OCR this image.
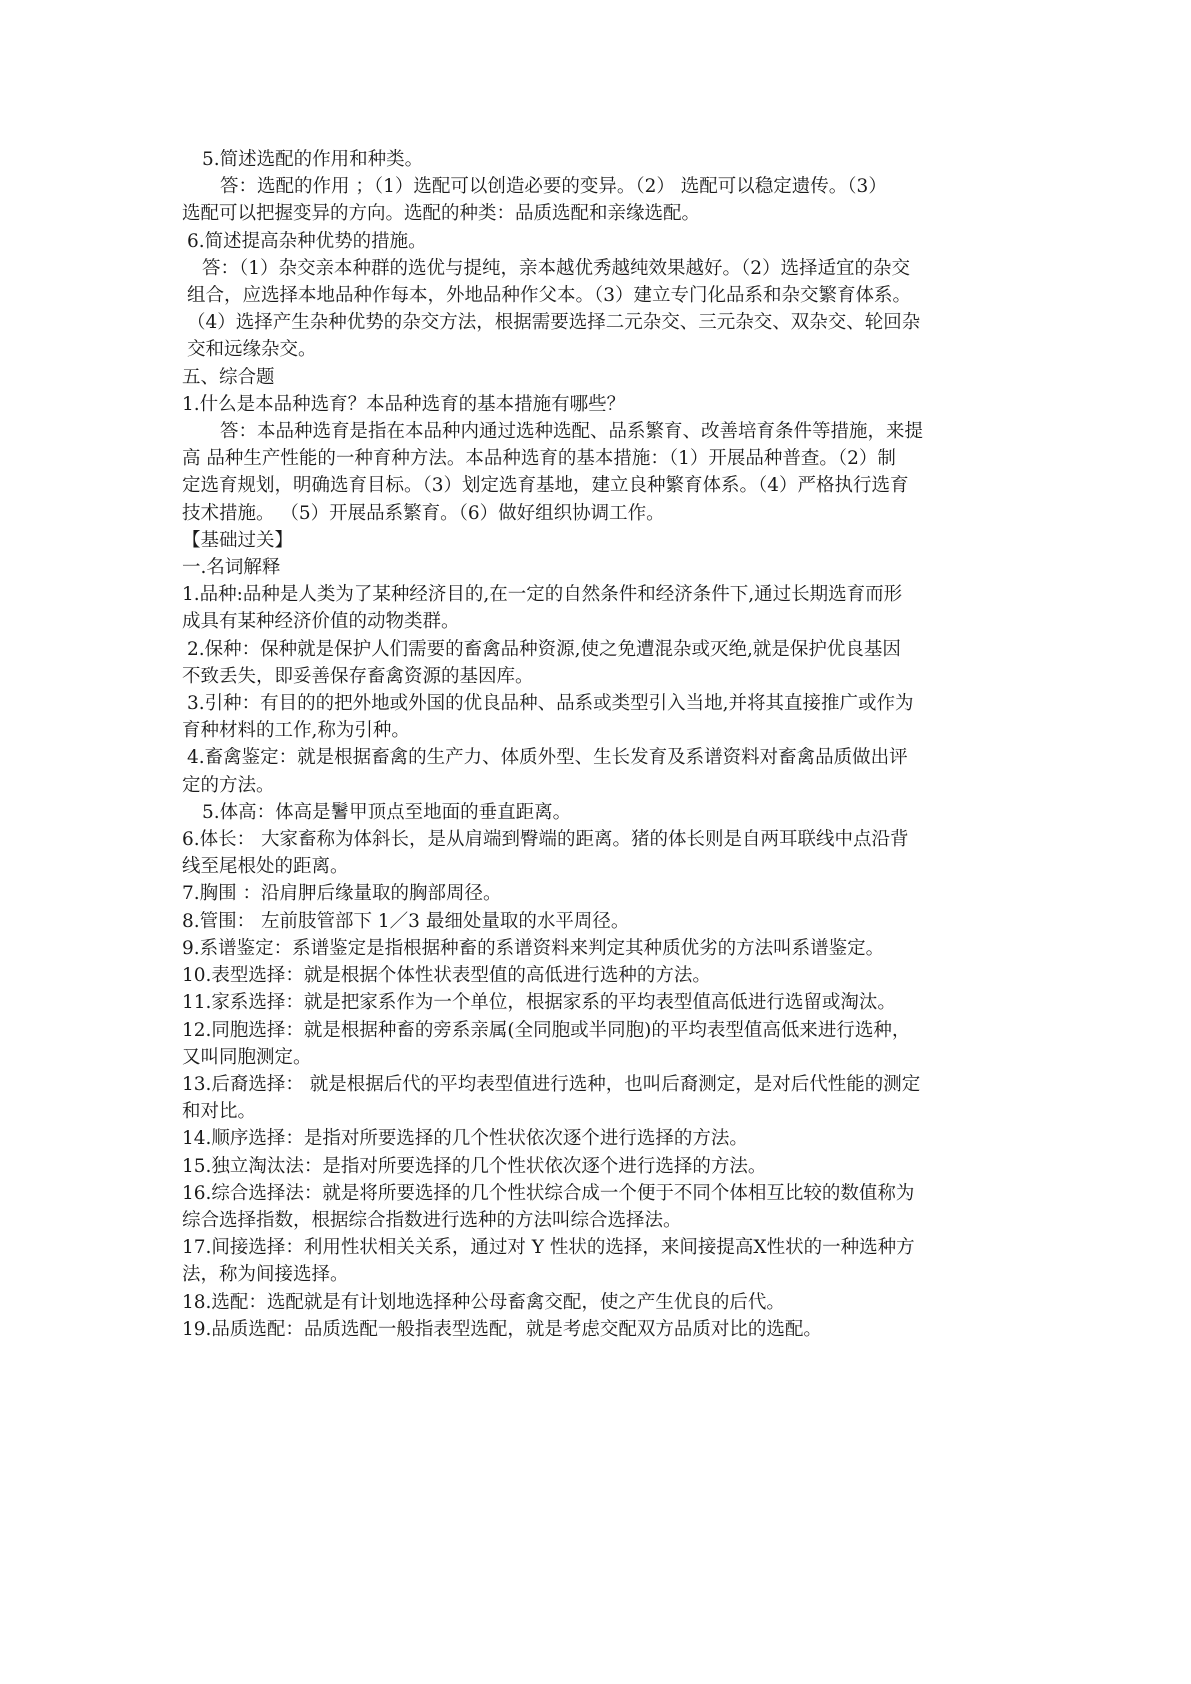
5.简述选配的作用和种类。
答：选配的作用 ；（1）选配可以创造必要的变异。（2） 选配可以稳定遗传。（3）
选配可以把握变异的方向。选配的种类：品质选配和亲缘选配。
6.简述提高杂种优势的措施。
答：（1）杂交亲本种群的选优与提纯，亲本越优秀越纯效果越好。（2）选择适宜的杂交
组合，应选择本地品种作每本，外地品种作父本。（3）建立专门化品系和杂交繁育体系。
（4）选择产生杂种优势的杂交方法，根据需要选择二元杂交、三元杂交、双杂交、轮回杂
交和远缘杂交。
五、综合题
1.什么是本品种选育？本品种选育的基本措施有哪些？
答：本品种选育是指在本品种内通过选种选配、品系繁育、改善培育条件等措施，来提
高 品种生产性能的一种育种方法。本品种选育的基本措施：（1）开展品种普查。（2）制
定选育规划，明确选育目标。（3）划定选育基地，建立良种繁育体系。（4）严格执行选育
技术措施。 （5）开展品系繁育。（6）做好组织协调工作。
【基础过关】
一.名词解释
1.品种:品种是人类为了某种经济目的,在一定的自然条件和经济条件下,通过长期选育而形
成具有某种经济价值的动物类群。
2.保种：保种就是保护人们需要的畜禽品种资源,使之免遭混杂或灭绝,就是保护优良基因
不致丢失，即妥善保存畜禽资源的基因库。
3.引种：有目的的把外地或外国的优良品种、品系或类型引入当地,并将其直接推广或作为
育种材料的工作,称为引种。
4.畜禽鉴定：就是根据畜禽的生产力、体质外型、生长发育及系谱资料对畜禽品质做出评
定的方法。
5.体高：体高是鬐甲顶点至地面的垂直距离。
6.体长： 大家畜称为体斜长，是从肩端到臀端的距离。猪的体长则是自两耳联线中点沿背
线至尾根处的距离。
7.胸围 ：沿肩胛后缘量取的胸部周径。
8.管围： 左前肢管部下 1／3 最细处量取的水平周径。
9.系谱鉴定：系谱鉴定是指根据种畜的系谱资料来判定其种质优劣的方法叫系谱鉴定。
10.表型选择：就是根据个体性状表型值的高低进行选种的方法。
11.家系选择：就是把家系作为一个单位，根据家系的平均表型值高低进行选留或淘汰。
12.同胞选择：就是根据种畜的旁系亲属(全同胞或半同胞)的平均表型值高低来进行选种，
又叫同胞测定。
13.后裔选择： 就是根据后代的平均表型值进行选种，也叫后裔测定，是对后代性能的测定
和对比。
14.顺序选择：是指对所要选择的几个性状依次逐个进行选择的方法。
15.独立淘汰法：是指对所要选择的几个性状依次逐个进行选择的方法。
16.综合选择法：就是将所要选择的几个性状综合成一个便于不同个体相互比较的数值称为
综合选择指数，根据综合指数进行选种的方法叫综合选择法。
17.间接选择：利用性状相关关系，通过对 Y 性状的选择，来间接提高Ⅹ性状的一种选种方
法，称为间接选择。
18.选配：选配就是有计划地选择种公母畜禽交配，使之产生优良的后代。
19.品质选配：品质选配一般指表型选配，就是考虑交配双方品质对比的选配。
